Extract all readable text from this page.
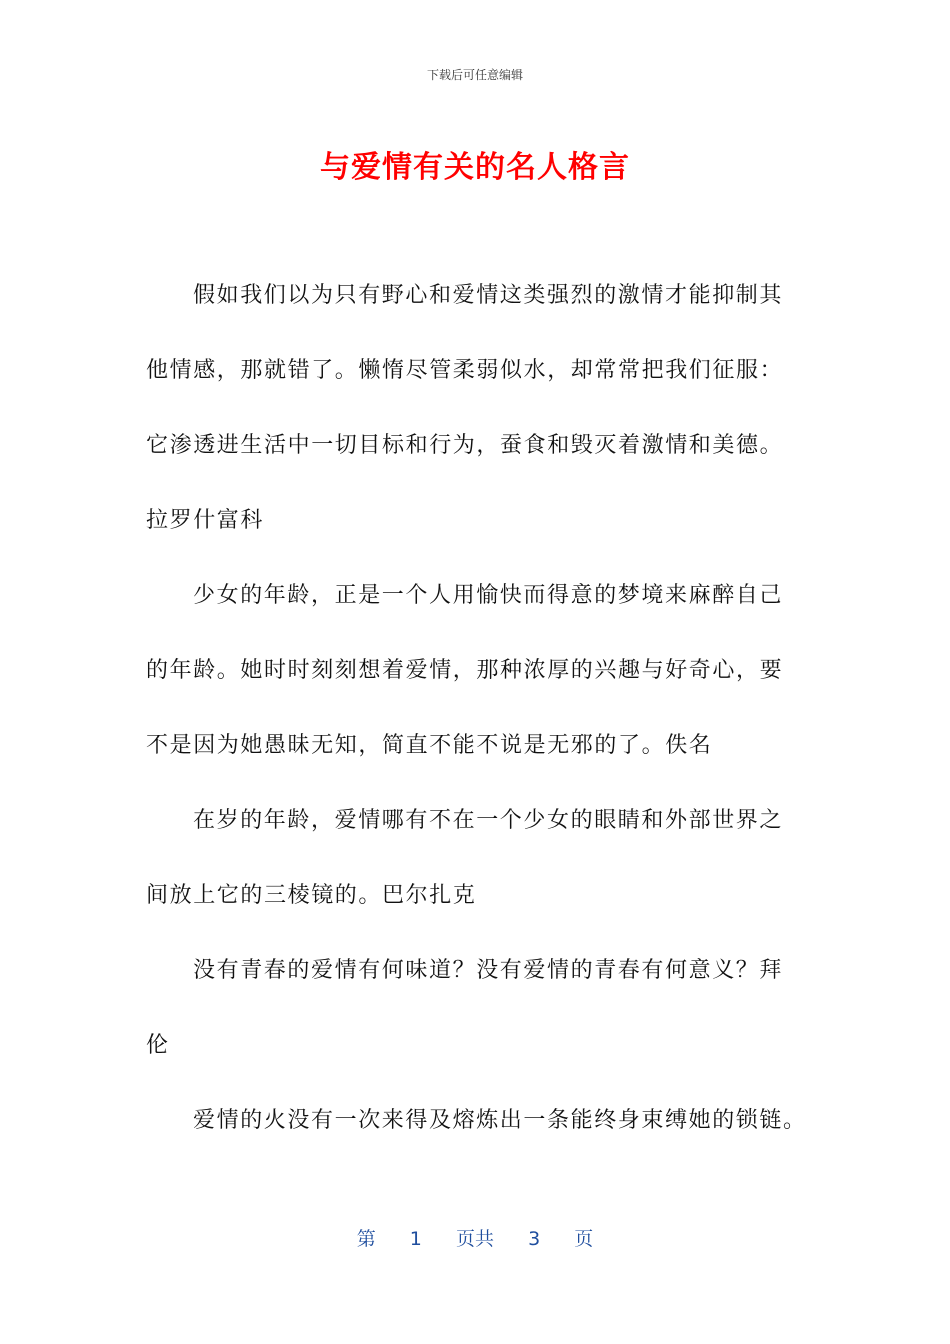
下载后可任意编辑
与爱情有关的名人格言
假如我们以为只有野心和爱情这类强烈的激情才能抑制其
他情感，那就错了。懒惰尽管柔弱似水，却常常把我们征服：
它渗透进生活中一切目标和行为，蚕食和毁灭着激情和美德。
拉罗什富科
少女的年龄，正是一个人用愉快而得意的梦境来麻醉自己
的年龄。她时时刻刻想着爱情，那种浓厚的兴趣与好奇心，要
不是因为她愚昧无知，简直不能不说是无邪的了。佚名
在岁的年龄，爱情哪有不在一个少女的眼睛和外部世界之
间放上它的三棱镜的。巴尔扎克
没有青春的爱情有何味道？没有爱情的青春有何意义？拜
伦
爱情的火没有一次来得及熔炼出一条能终身束缚她的锁链。
第 1 页共 3 页
